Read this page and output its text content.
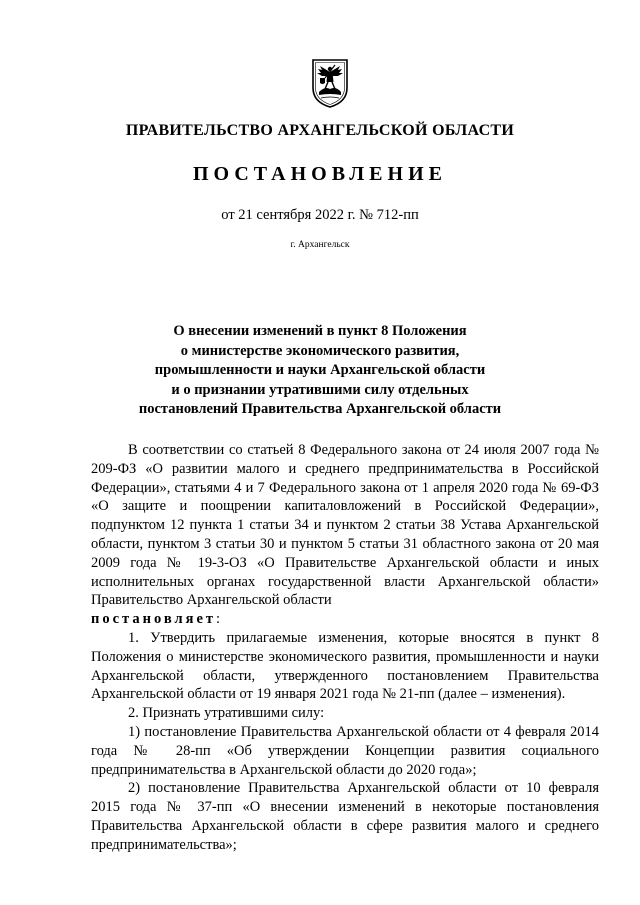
ПРАВИТЕЛЬСТВО АРХАНГЕЛЬСКОЙ ОБЛАСТИ
ПОСТАНОВЛЕНИЕ
от 21 сентября 2022 г. № 712-пп
г. Архангельск
О внесении изменений в пункт 8 Положения
о министерстве экономического развития,
промышленности и науки Архангельской области
и о признании утратившими силу отдельных
постановлений Правительства Архангельской области

В соответствии со статьей 8 Федерального закона от 24 июля 2007 года № 209-ФЗ «О развитии малого и среднего предпринимательства в Российской Федерации», статьями 4 и 7 Федерального закона от 1 апреля 2020 года № 69-ФЗ «О защите и поощрении капиталовложений в Российской Федерации», подпунктом 12 пункта 1 статьи 34 и пунктом 2 статьи 38 Устава Архангельской области, пунктом 3 статьи 30 и пунктом 5 статьи 31 областного закона от 20 мая 2009 года № 19-3-ОЗ «О Правительстве Архангельской области и иных исполнительных органах государственной власти Архангельской области» Правительство Архангельской области

постановляет:

1. Утвердить прилагаемые изменения, которые вносятся в пункт 8 Положения о министерстве экономического развития, промышленности и науки Архангельской области, утвержденного постановлением Правительства Архангельской области от 19 января 2021 года № 21-пп (далее – изменения).

2. Признать утратившими силу:

1) постановление Правительства Архангельской области от 4 февраля 2014 года № 28-пп «Об утверждении Концепции развития социального предпринимательства в Архангельской области до 2020 года»;

2) постановление Правительства Архангельской области от 10 февраля 2015 года № 37-пп «О внесении изменений в некоторые постановления Правительства Архангельской области в сфере развития малого и среднего предпринимательства»;
